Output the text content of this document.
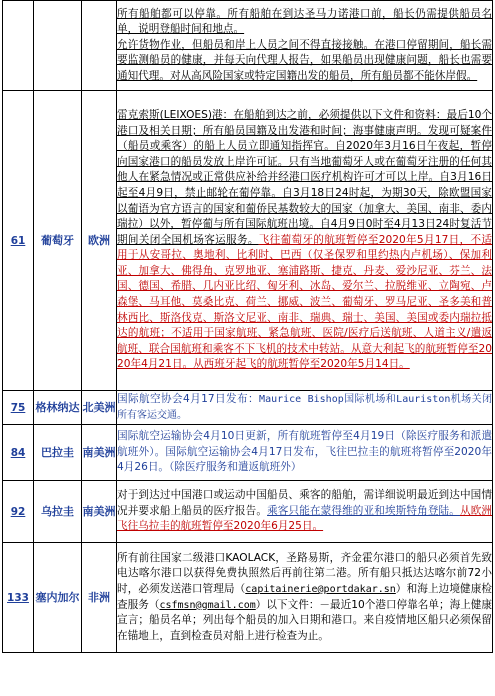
			所有船舶都可以停靠。所有船舶在到达圣马力诺港口前，船长仍需提供船员名单，说明登船时间和地点。
允许货物作业，但船员和岸上人员之间不得直接接触。在港口停留期间，船长需要监测船员的健康，并每天向代理人报告，如果船员出现健康问题，船长也需要通知代理。对从高风险国家或特定国籍出发的船员，所有船员都不能休岸假。

61	葡萄牙	欧洲	雷克索斯(LEIXOES)港：在船舶到达之前，必须提供以下文件和资料：最后10个港口及相关日期；所有船员国籍及出发港和时间；海事健康声明。发现可疑案件（船员或乘客）的船上人员立即通知指挥官。自2020年3月16日午夜起，暂停向国家港口的船员发放上岸许可证。只有当地葡萄牙人或在葡萄牙注册的任何其他人在紧急情况或正常供应补给并经港口医疗机构许可才可以上岸。自3月16日起至4月9日，禁止邮轮在葡停靠。自3月18日24时起，为期30天，除欧盟国家以葡语为官方语言的国家和葡侨民基数较大的国家（加拿大、美国、南非、委内瑞拉）以外，暂停葡与所有国际航班出境。自4月9日0时至4月13日24时复活节期间关闭全国机场客运服务。飞往葡萄牙的航班暂停至2020年5月17日，不适用于从安哥拉、奥地利、比利时、巴西（仅圣保罗和里约热内卢机场）、保加利亚、加拿大、佛得角、克罗地亚、塞浦路斯、捷克、丹麦、爱沙尼亚、芬兰、法国、德国、希腊、几内亚比绍、匈牙利、冰岛、爱尔兰、拉脱维亚、立陶宛、卢森堡、马耳他、莫桑比克、荷兰、挪威、波兰、葡萄牙、罗马尼亚、圣多美和普林西比、斯洛伐克、斯洛文尼亚、南非、瑞典、瑞士、美国、美国或委内瑞拉抵达的航班；不适用于国家航班、紧急航班、医院/医疗后送航班、人道主义/遣返航班、联合国航班和乘客不下飞机的技术中转站。从意大利起飞的航班暂停至2020年4月21日。从西班牙起飞的航班暂停至2020年5月14日。
75	格林纳达	北美洲	国际航空协会4月17日发布：Maurice Bishop国际机场和Lauriston机场关闭所有客运交通。
84	巴拉圭	南美洲	国际航空运输协会4月10日更新，所有航班暂停至4月19日（除医疗服务和派遣航班外）。国际航空运输协会4月17日发布，飞往巴拉圭的航班将暂停至2020年4月26日。（除医疗服务和遣返航班外）
92	乌拉圭	南美洲	对于到达过中国港口或运动中国船员、乘客的船舶，需详细说明最近到达中国情况并要求船上船员的医疗报告。乘客只能在蒙得维的亚和埃斯特角登陆。从欧洲飞往乌拉圭的航班暂停至2020年6月25日。
133	塞内加尔	非洲	所有前往国家二级港口KAOLACK，圣路易斯，齐金霍尔港口的船只必须首先致电达喀尔港口以获得免费执照然后再前往第二港。所有船只抵达达喀尔前72小时，必须发送港口管理局（capitainerie@portdakar.sn）和海上边境健康检查服务（csfmsn@gmail.com）以下文件：－最近10个港口停靠名单；海上健康宣言；船员名单；列出每个船员的加入日期和港口。来自疫情地区船只必须保留在锚地上，直到检查员对船上进行检查为止。
